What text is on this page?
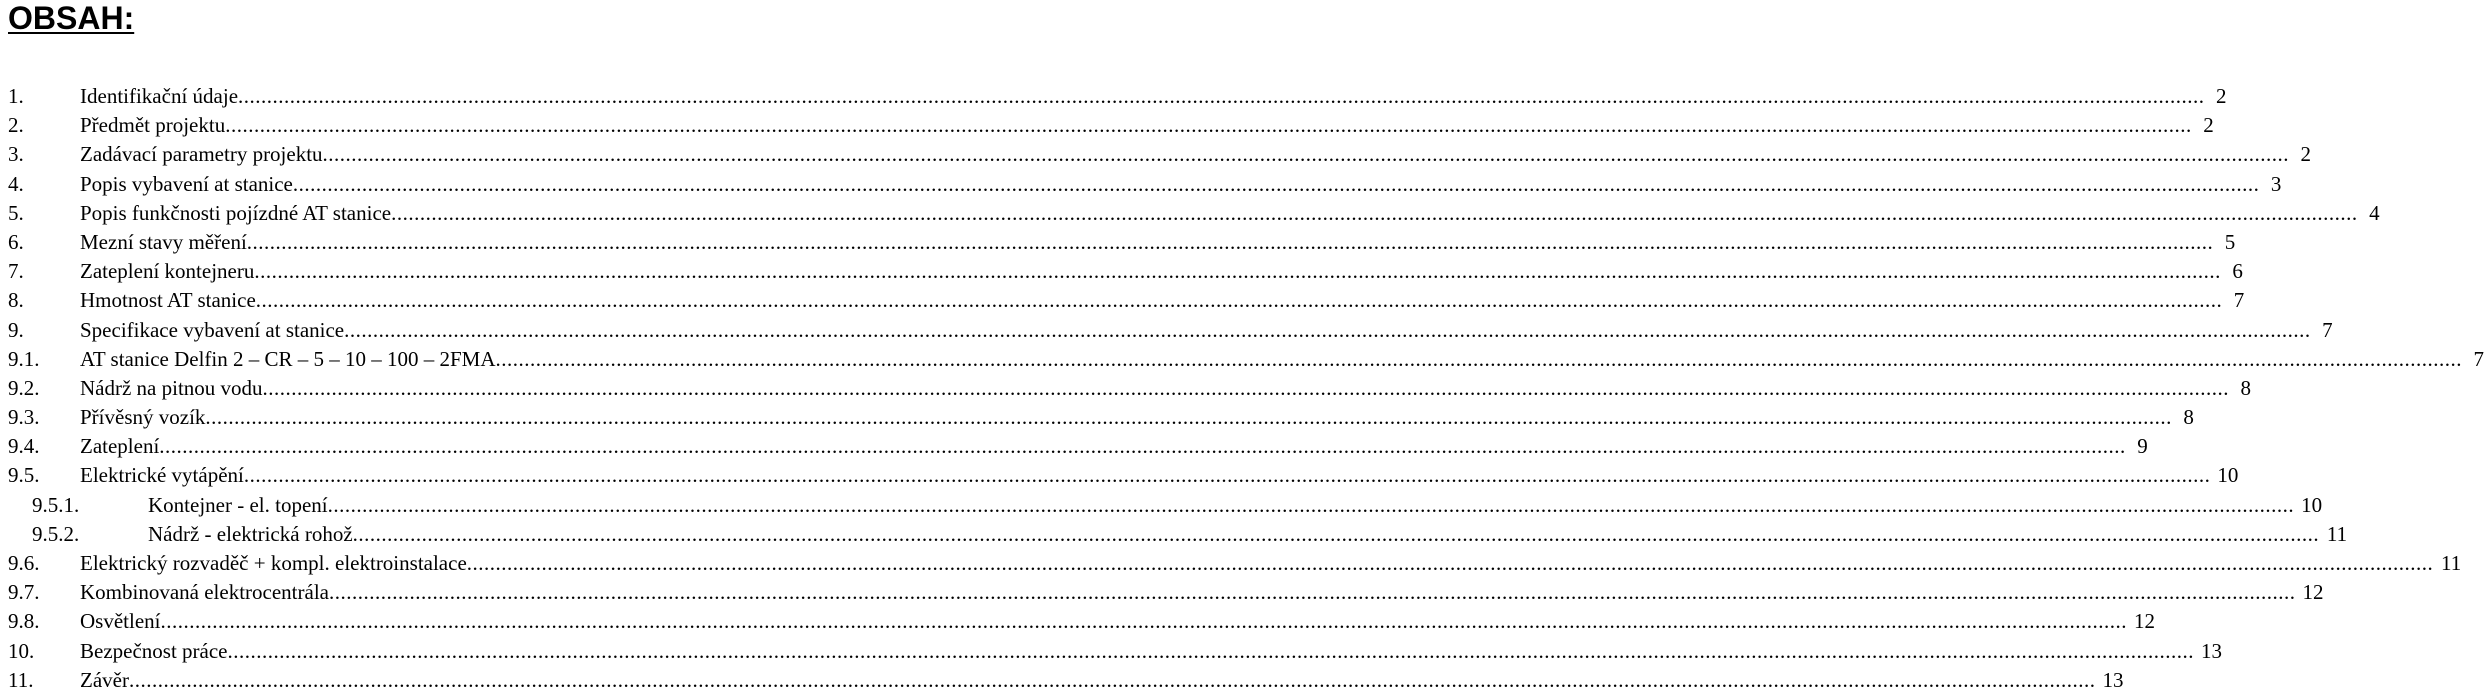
OBSAH:
1.	Identifikační údaje .....	2
2.	Předmět projektu .....	2
3.	Zadávací parametry projektu .....	2
4.	Popis vybavení at stanice .....	3
5.	Popis funkčnosti pojízdné AT stanice .....	4
6.	Mezní stavy měření .....	5
7.	Zateplení kontejneru .....	6
8.	Hmotnost AT stanice .....	7
9.	Specifikace vybavení at stanice .....	7
9.1. AT stanice Delfin 2 – CR – 5 – 10 – 100 – 2FMA .....	7
9.2. Nádrž na pitnou vodu .....	8
9.3. Přívěsný vozík .....	8
9.4. Zateplení .....	9
9.5. Elektrické vytápění .....	10
9.5.1.	Kontejner - el. topení .....	10
9.5.2.	Nádrž - elektrická rohož .....	11
9.6. Elektrický rozvaděč + kompl. elektroinstalace .....	11
9.7. Kombinovaná elektrocentrála .....	12
9.8. Osvětlení .....	12
10. Bezpečnost práce .....	13
11. Závěr .....	13
